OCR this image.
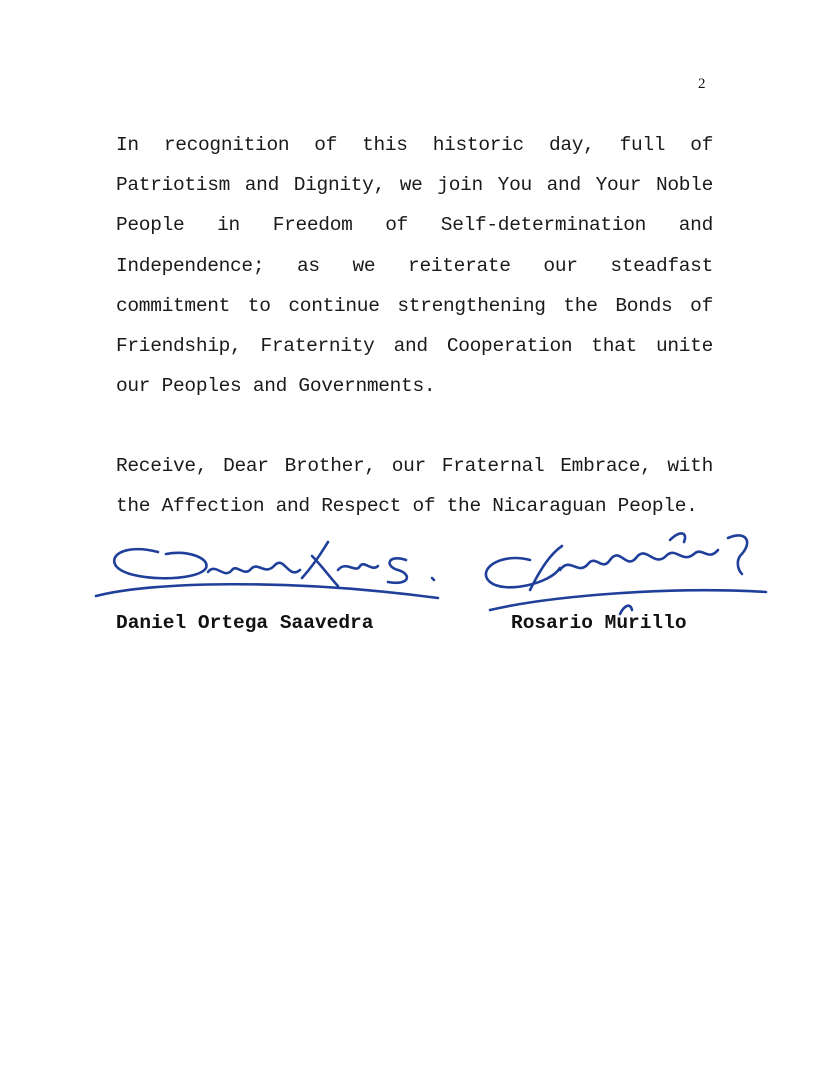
2

In recognition of this historic day, full of Patriotism and Dignity, we join You and Your Noble People in Freedom of Self-determination and Independence; as we reiterate our steadfast commitment to continue strengthening the Bonds of Friendship, Fraternity and Cooperation that unite our Peoples and Governments.

Receive, Dear Brother, our Fraternal Embrace, with the Affection and Respect of the Nicaraguan People.

Daniel Ortega Saavedra	Rosario Murillo
